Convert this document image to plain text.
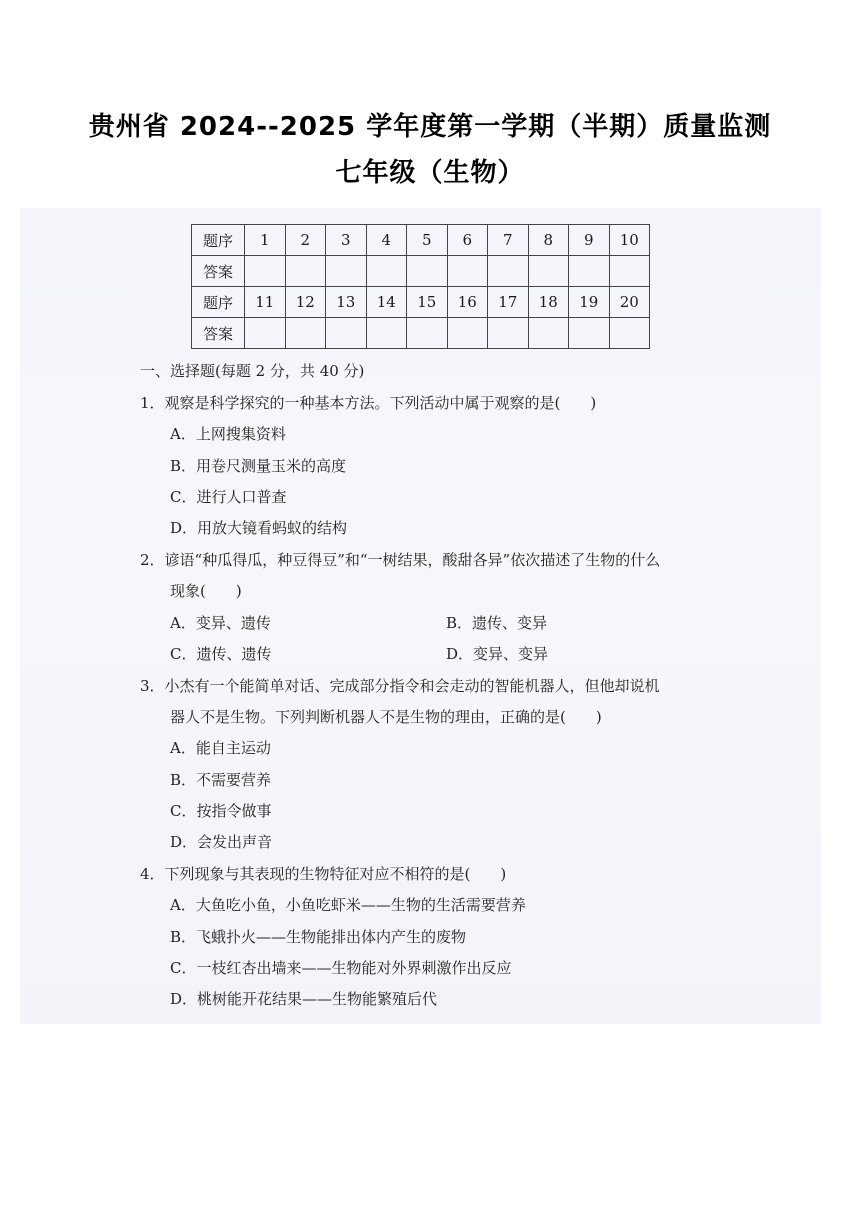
贵州省 2024--2025 学年度第一学期（半期）质量监测
七年级（生物）
题序	1	2	3	4	5	6	7	8	9	10
答案										
题序	11	12	13	14	15	16	17	18	19	20
答案										
一、选择题(每题 2 分，共 40 分)
1．观察是科学探究的一种基本方法。下列活动中属于观察的是(　　)
A．上网搜集资料
B．用卷尺测量玉米的高度
C．进行人口普查
D．用放大镜看蚂蚁的结构
2．谚语“种瓜得瓜，种豆得豆”和“一树结果，酸甜各异”依次描述了生物的什么
现象(　　)
A．变异、遗传	B．遗传、变异
C．遗传、遗传	D．变异、变异
3．小杰有一个能简单对话、完成部分指令和会走动的智能机器人，但他却说机
器人不是生物。下列判断机器人不是生物的理由，正确的是(　　)
A．能自主运动
B．不需要营养
C．按指令做事
D．会发出声音
4．下列现象与其表现的生物特征对应不相符的是(　　)
A．大鱼吃小鱼，小鱼吃虾米——生物的生活需要营养
B．飞蛾扑火——生物能排出体内产生的废物
C．一枝红杏出墙来——生物能对外界刺激作出反应
D．桃树能开花结果——生物能繁殖后代
